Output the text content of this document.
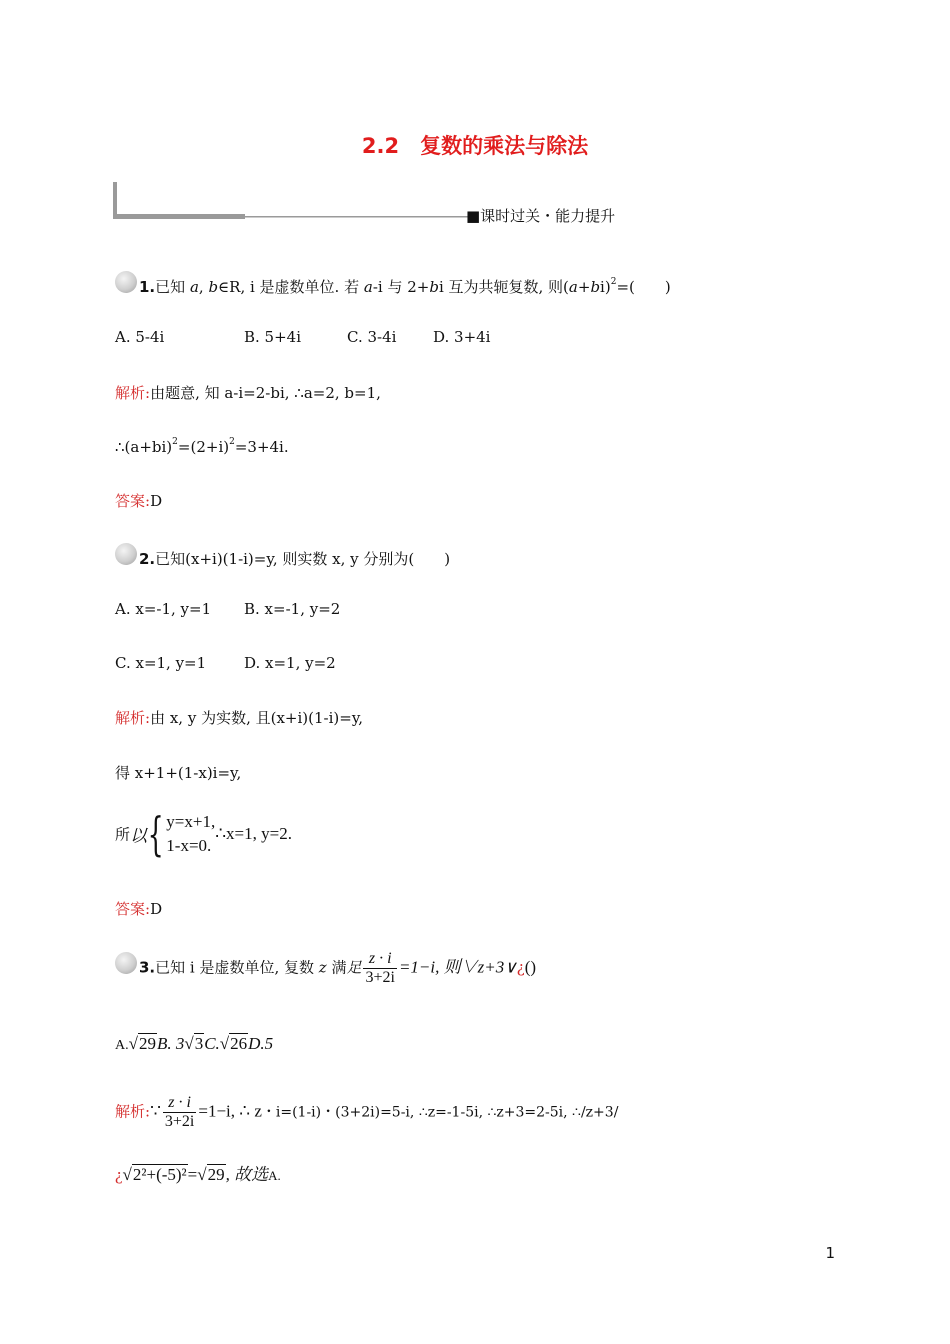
2.2　复数的乘法与除法
■课时过关・能力提升
1.已知 a, b∈R, i 是虚数单位. 若 a-i 与 2+bi 互为共轭复数, 则$(a+bi)^2=$(　　)
A. 5-4i	B. 5+4i	C. 3-4i D. 3+4i
解析:由题意, 知 a-i=2-bi, ∴a=2, b=1,
$\therefore(a+bi)^2=(2+i)^2=3+4i$.
答案:D
2.已知(x+i)(1-i)=y, 则实数 x, y 分别为(　　)
A. x=-1, y=1 B. x=-1, y=2
C. x=1, y=1	D. x=1, y=2
解析:由 x, y 为实数, 且(x+i)(1-i)=y,
得 x+1+(1-x)i=y,
所以{ y=x+1,
1-x=0.
∴x=1, y=2.
答案:D
3.已知 i 是虚数单位, 复数 z 满足 $\frac{z \cdot i}{3+2i} =1-i$, 则∨z+3∨¿()
A.√29B. 3√3C.√26D.5
解析:∵ $\frac{z \cdot i}{3+2i} =1-i$, ∴ z・i=(1-i)・(3+2i)=5-i, ∴z=-1-5i, ∴z+3=2-5i, ∴/z+3/
¿√2²+(-5)²=√29, 故选A.
1
